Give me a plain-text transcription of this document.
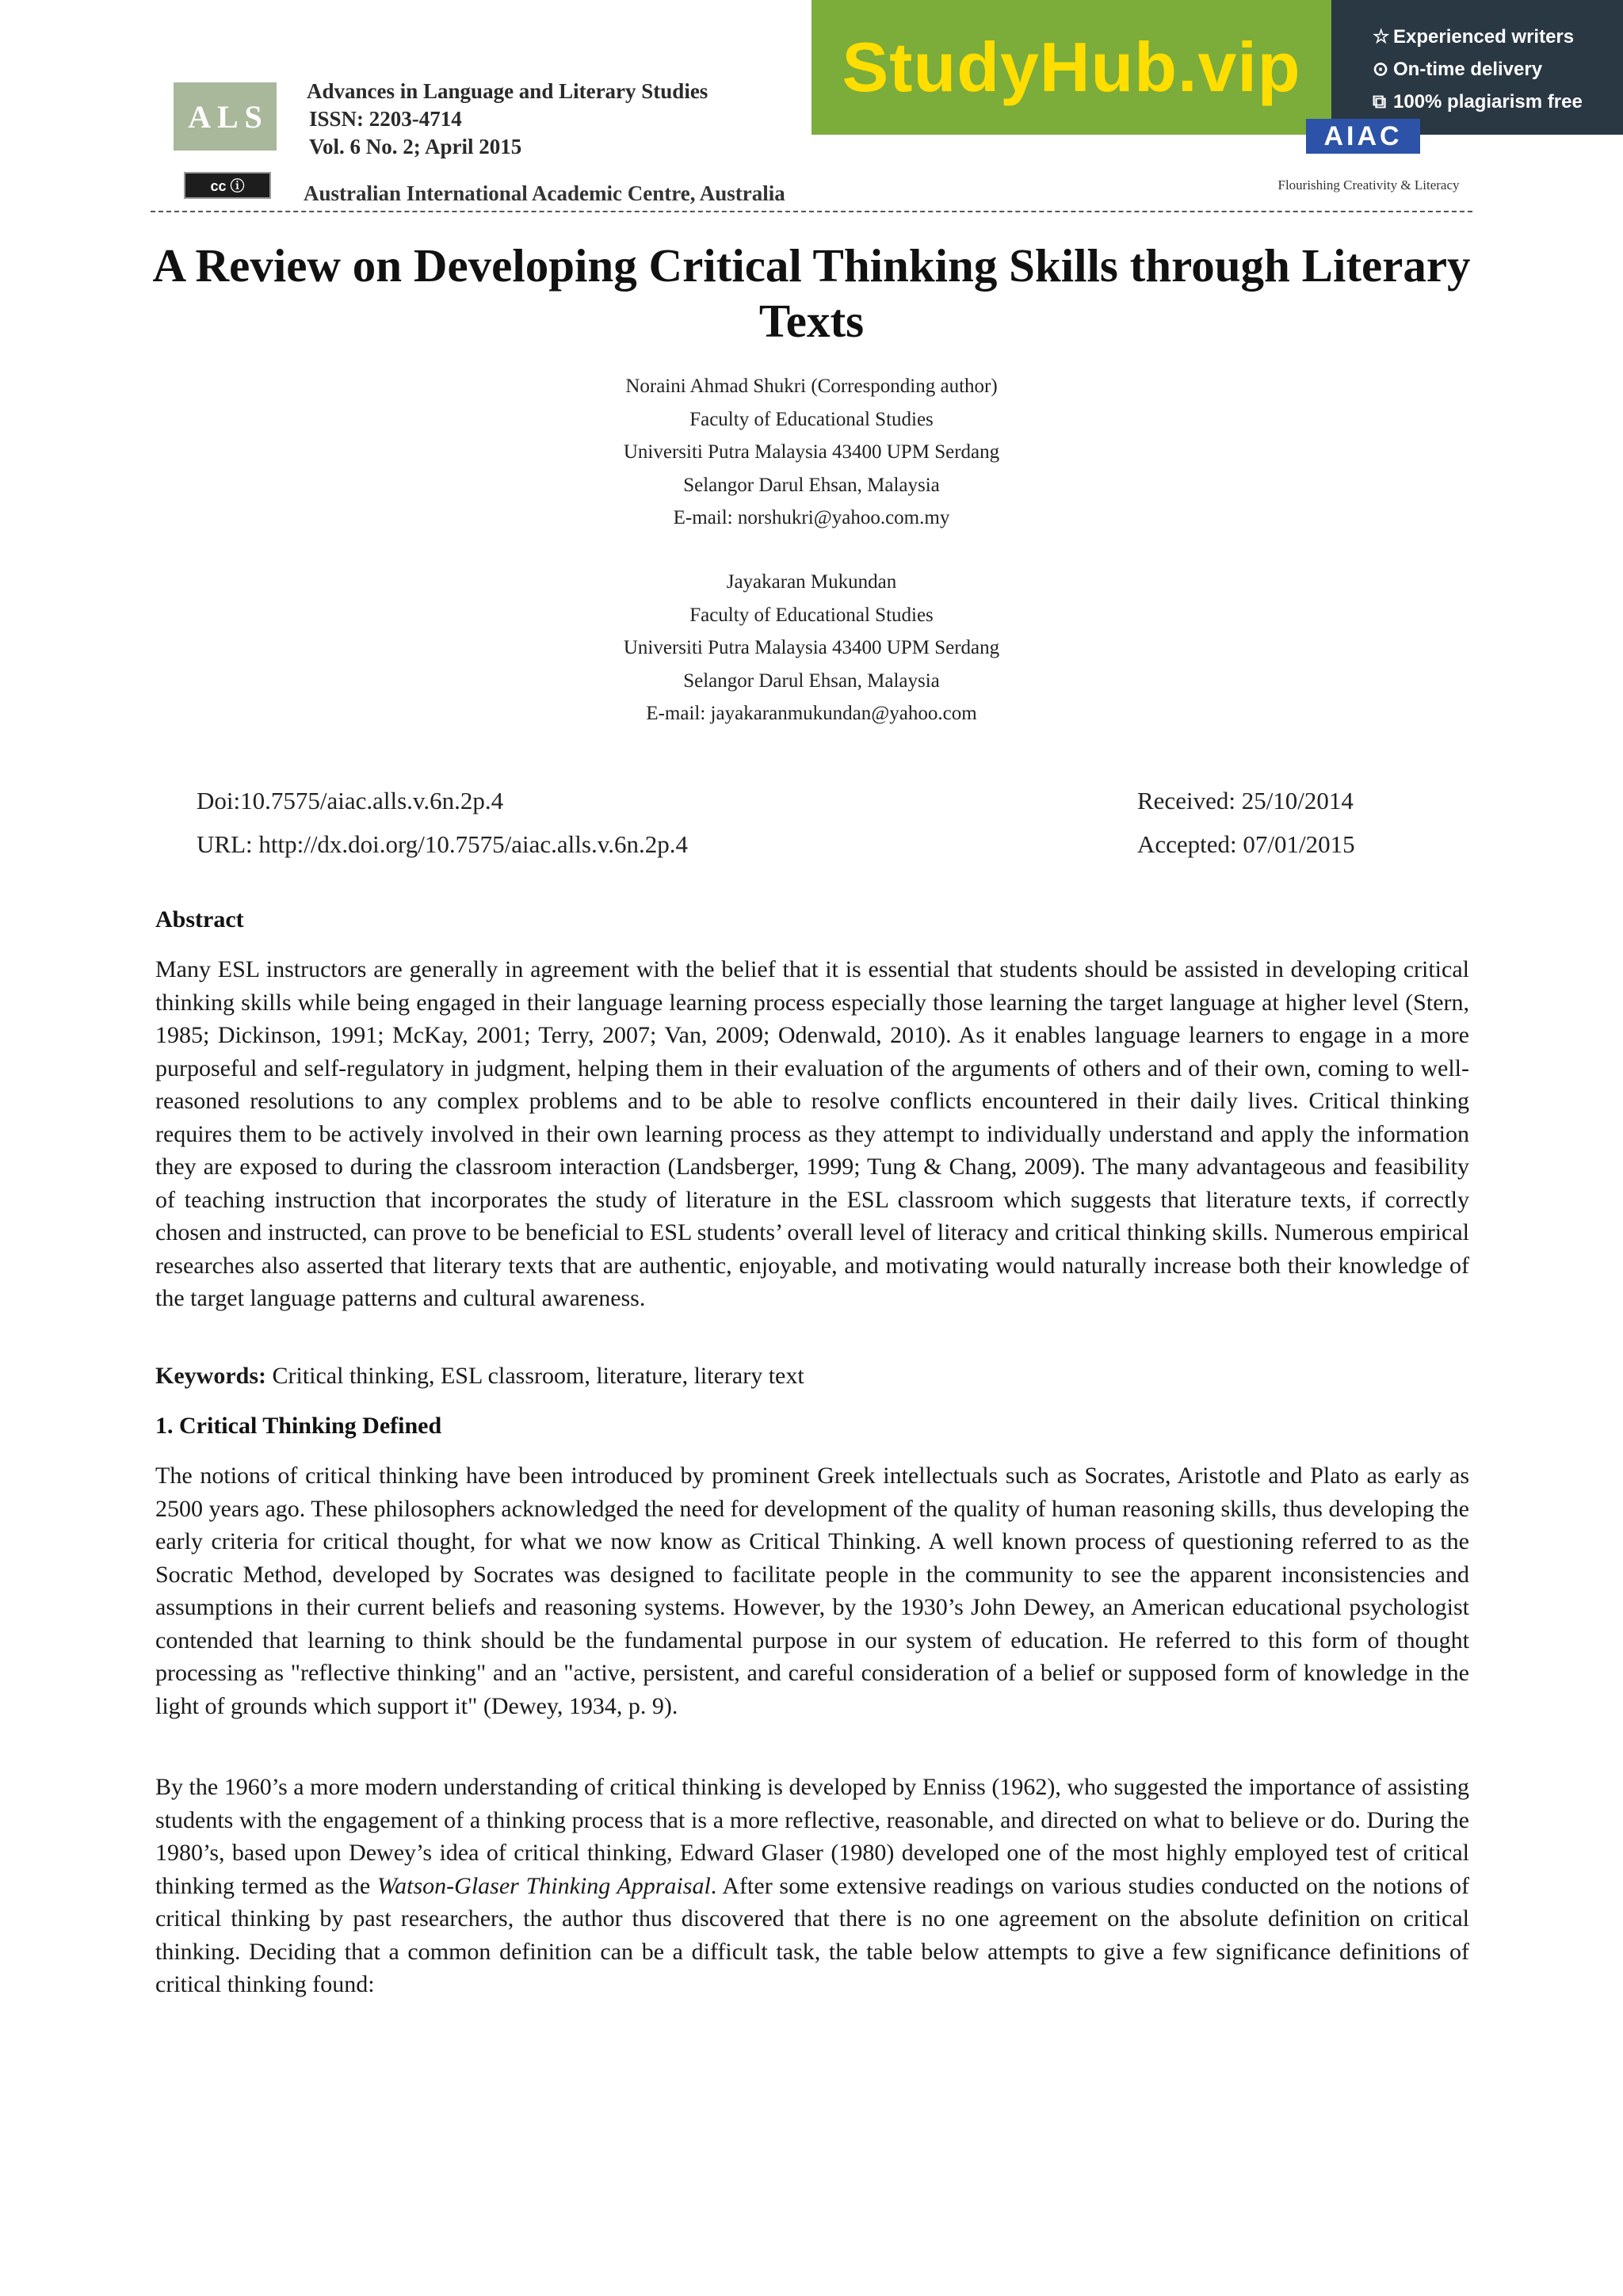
A L S
Advances in Language and Literary Studies
ISSN: 2203-4714
Vol. 6 No. 2; April 2015
cc ⓘ	Australian International Academic Centre, Australia
StudyHub.vip	☆ Experienced writers
⊙ On-time delivery
⧉ 100% plagiarism free
AIAC
Flourishing Creativity & Literacy
A Review on Developing Critical Thinking Skills through Literary Texts
Noraini Ahmad Shukri (Corresponding author)
Faculty of Educational Studies
Universiti Putra Malaysia 43400 UPM Serdang
Selangor Darul Ehsan, Malaysia
E-mail: norshukri@yahoo.com.my
Jayakaran Mukundan
Faculty of Educational Studies
Universiti Putra Malaysia 43400 UPM Serdang
Selangor Darul Ehsan, Malaysia
E-mail: jayakaranmukundan@yahoo.com
Doi:10.7575/aiac.alls.v.6n.2p.4
URL: http://dx.doi.org/10.7575/aiac.alls.v.6n.2p.4
Received: 25/10/2014
Accepted: 07/01/2015
Abstract
Many ESL instructors are generally in agreement with the belief that it is essential that students should be assisted in developing critical thinking skills while being engaged in their language learning process especially those learning the target language at higher level (Stern, 1985; Dickinson, 1991; McKay, 2001; Terry, 2007; Van, 2009; Odenwald, 2010). As it enables language learners to engage in a more purposeful and self-regulatory in judgment, helping them in their evaluation of the arguments of others and of their own, coming to well-reasoned resolutions to any complex problems and to be able to resolve conflicts encountered in their daily lives. Critical thinking requires them to be actively involved in their own learning process as they attempt to individually understand and apply the information they are exposed to during the classroom interaction (Landsberger, 1999; Tung & Chang, 2009). The many advantageous and feasibility of teaching instruction that incorporates the study of literature in the ESL classroom which suggests that literature texts, if correctly chosen and instructed, can prove to be beneficial to ESL students’ overall level of literacy and critical thinking skills. Numerous empirical researches also asserted that literary texts that are authentic, enjoyable, and motivating would naturally increase both their knowledge of the target language patterns and cultural awareness.
Keywords: Critical thinking, ESL classroom, literature, literary text
1. Critical Thinking Defined
The notions of critical thinking have been introduced by prominent Greek intellectuals such as Socrates, Aristotle and Plato as early as 2500 years ago. These philosophers acknowledged the need for development of the quality of human reasoning skills, thus developing the early criteria for critical thought, for what we now know as Critical Thinking. A well known process of questioning referred to as the Socratic Method, developed by Socrates was designed to facilitate people in the community to see the apparent inconsistencies and assumptions in their current beliefs and reasoning systems. However, by the 1930’s John Dewey, an American educational psychologist contended that learning to think should be the fundamental purpose in our system of education. He referred to this form of thought processing as "reflective thinking" and an "active, persistent, and careful consideration of a belief or supposed form of knowledge in the light of grounds which support it" (Dewey, 1934, p. 9).
By the 1960’s a more modern understanding of critical thinking is developed by Enniss (1962), who suggested the importance of assisting students with the engagement of a thinking process that is a more reflective, reasonable, and directed on what to believe or do. During the 1980’s, based upon Dewey’s idea of critical thinking, Edward Glaser (1980) developed one of the most highly employed test of critical thinking termed as the Watson-Glaser Thinking Appraisal. After some extensive readings on various studies conducted on the notions of critical thinking by past researchers, the author thus discovered that there is no one agreement on the absolute definition on critical thinking. Deciding that a common definition can be a difficult task, the table below attempts to give a few significance definitions of critical thinking found:
